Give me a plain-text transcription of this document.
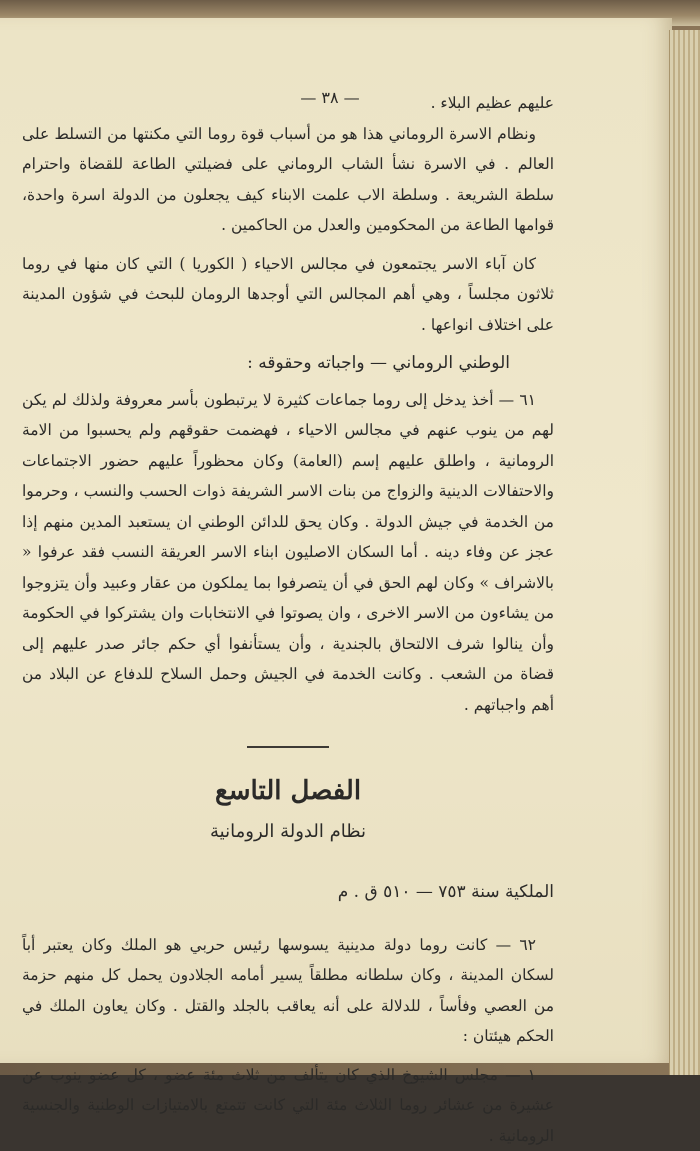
— ٣٨ —	عليهم عظيم البلاء .

ونظام الاسرة الروماني هذا هو من أسباب قوة روما التي مكنتها من التسلط على العالم . في الاسرة نشأ الشاب الروماني على فضيلتي الطاعة للقضاة واحترام سلطة الشريعة . وسلطة الاب علمت الابناء كيف يجعلون من الدولة اسرة واحدة، قوامها الطاعة من المحكومين والعدل من الحاكمين .

كان آباء الاسر يجتمعون في مجالس الاحياء ( الكوريا ) التي كان منها في روما ثلاثون مجلساً ، وهي أهم المجالس التي أوجدها الرومان للبحث في شؤون المدينة على اختلاف انواعها .

الوطني الروماني — واجباته وحقوقه :

٦١ — أخذ يدخل إلى روما جماعات كثيرة لا يرتبطون بأسر معروفة ولذلك لم يكن لهم من ينوب عنهم في مجالس الاحياء ، فهضمت حقوقهم ولم يحسبوا من الامة الرومانية ، واطلق عليهم إسم (العامة) وكان محظوراً عليهم حضور الاجتماعات والاحتفالات الدينية والزواج من بنات الاسر الشريفة ذوات الحسب والنسب ، وحرموا من الخدمة في جيش الدولة . وكان يحق للدائن الوطني ان يستعبد المدين منهم إذا عجز عن وفاء دينه . أما السكان الاصليون ابناء الاسر العريقة النسب فقد عرفوا « بالاشراف » وكان لهم الحق في أن يتصرفوا بما يملكون من عقار وعبيد وأن يتزوجوا من يشاءون من الاسر الاخرى ، وان يصوتوا في الانتخابات وان يشتركوا في الحكومة وأن ينالوا شرف الالتحاق بالجندية ، وأن يستأنفوا أي حكم جائر صدر عليهم إلى قضاة من الشعب . وكانت الخدمة في الجيش وحمل السلاح للدفاع عن البلاد من أهم واجباتهم .

الفصل التاسع

نظام الدولة الرومانية

الملكية سنة ٧٥٣ — ٥١٠ ق . م

٦٢ — كانت روما دولة مدينية يسوسها رئيس حربي هو الملك وكان يعتبر أباً لسكان المدينة ، وكان سلطانه مطلقاً يسير أمامه الجلادون يحمل كل منهم حزمة من العصي وفأساً ، للدلالة على أنه يعاقب بالجلد والقتل . وكان يعاون الملك في الحكم هيئتان :

١ — مجلس الشيوخ الذي كان يتألف من ثلاث مئة عضو ، كل عضو ينوب عن عشيرة من عشائر روما الثلاث مئة التي كانت تتمتع بالامتيازات الوطنية والجنسية الرومانية .
